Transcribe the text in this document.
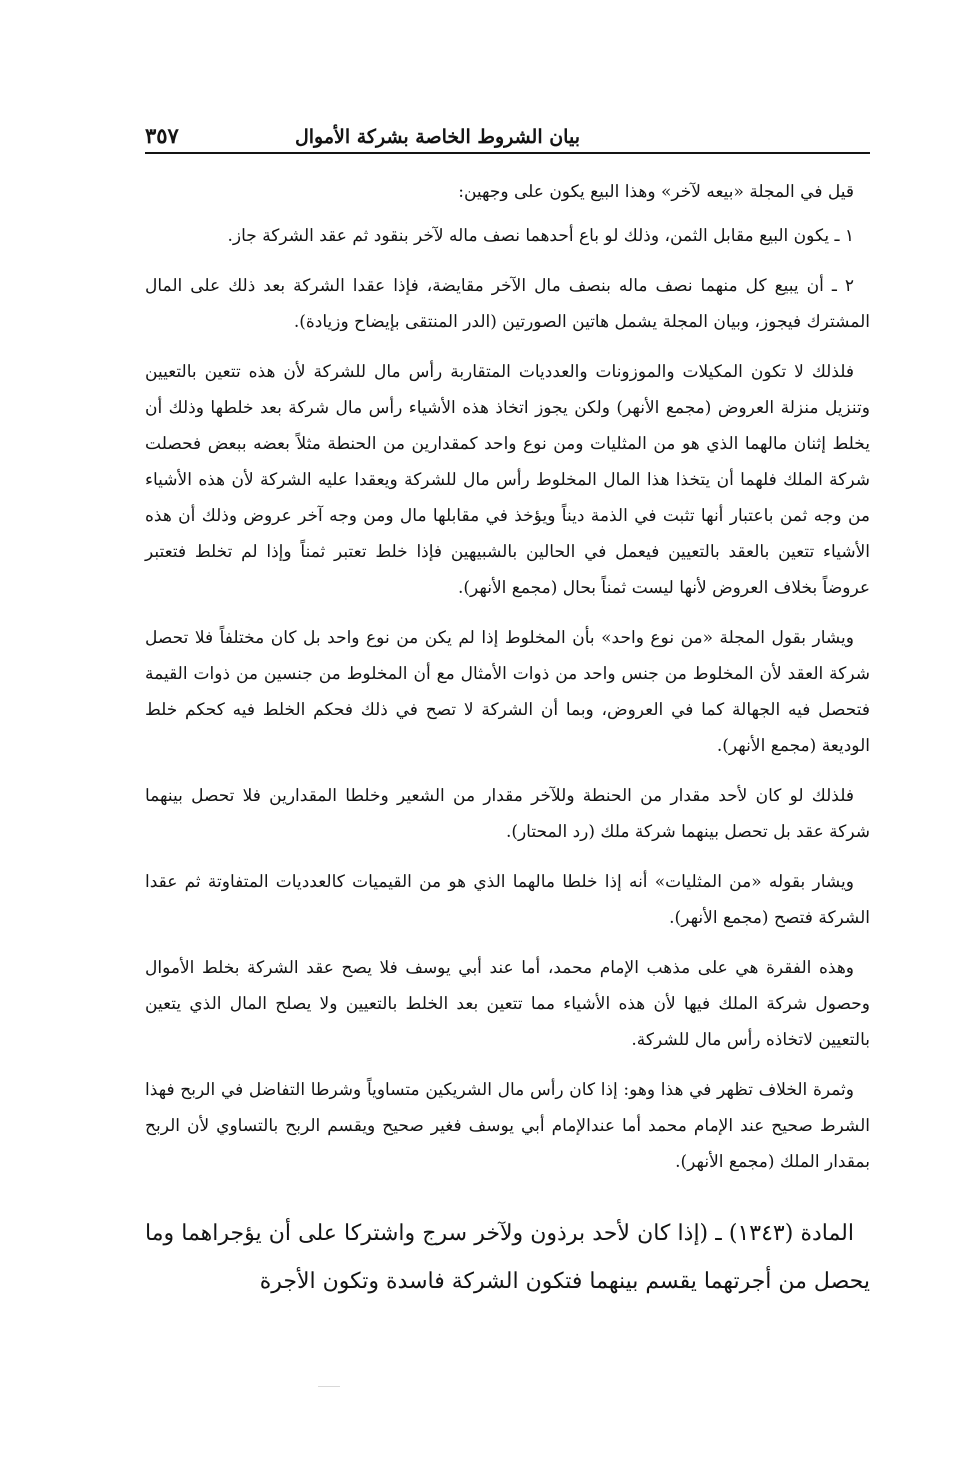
بيان الشروط الخاصة بشركة الأموال
٣٥٧

قيل في المجلة «بيعه لآخر» وهذا البيع يكون على وجهين:

١ ـ يكون البيع مقابل الثمن، وذلك لو باع أحدهما نصف ماله لآخر بنقود ثم عقد الشركة جاز.

٢ ـ أن يبيع كل منهما نصف ماله بنصف مال الآخر مقايضة، فإذا عقدا الشركة بعد ذلك على المال المشترك فيجوز، وبيان المجلة يشمل هاتين الصورتين (الدر المنتقى بإيضاح وزيادة).

فلذلك لا تكون المكيلات والموزونات والعدديات المتقاربة رأس مال للشركة لأن هذه تتعين بالتعيين وتنزيل منزلة العروض (مجمع الأنهر) ولكن يجوز اتخاذ هذه الأشياء رأس مال شركة بعد خلطها وذلك أن يخلط إثنان مالهما الذي هو من المثليات ومن نوع واحد كمقدارين من الحنطة مثلاً بعضه ببعض فحصلت شركة الملك فلهما أن يتخذا هذا المال المخلوط رأس مال للشركة ويعقدا عليه الشركة لأن هذه الأشياء من وجه ثمن باعتبار أنها تثبت في الذمة ديناً ويؤخذ في مقابلها مال ومن وجه آخر عروض وذلك أن هذه الأشياء تتعين بالعقد بالتعيين فيعمل في الحالين بالشبيهين فإذا خلط تعتبر ثمناً وإذا لم تخلط فتعتبر عروضاً بخلاف العروض لأنها ليست ثمناً بحال (مجمع الأنهر).

ويشار بقول المجلة «من نوع واحد» بأن المخلوط إذا لم يكن من نوع واحد بل كان مختلفاً فلا تحصل شركة العقد لأن المخلوط من جنس واحد من ذوات الأمثال مع أن المخلوط من جنسين من ذوات القيمة فتحصل فيه الجهالة كما في العروض، وبما أن الشركة لا تصح في ذلك فحكم الخلط فيه كحكم خلط الوديعة (مجمع الأنهر).

فلذلك لو كان لأحد مقدار من الحنطة وللآخر مقدار من الشعير وخلطا المقدارين فلا تحصل بينهما شركة عقد بل تحصل بينهما شركة ملك (رد المحتار).

ويشار بقوله «من المثليات» أنه إذا خلطا مالهما الذي هو من القيميات كالعدديات المتفاوتة ثم عقدا الشركة فتصح (مجمع الأنهر).

وهذه الفقرة هي على مذهب الإمام محمد، أما عند أبي يوسف فلا يصح عقد الشركة بخلط الأموال وحصول شركة الملك فيها لأن هذه الأشياء مما تتعين بعد الخلط بالتعيين ولا يصلح المال الذي يتعين بالتعيين لاتخاذه رأس مال للشركة.

وثمرة الخلاف تظهر في هذا وهو: إذا كان رأس مال الشريكين متساوياً وشرطا التفاضل في الربح فهذا الشرط صحيح عند الإمام محمد أما عندالإمام أبي يوسف فغير صحيح ويقسم الربح بالتساوي لأن الربح بمقدار الملك (مجمع الأنهر).

المادة (١٣٤٣) ـ (إذا كان لأحد برذون ولآخر سرج واشتركا على أن يؤجراهما وما يحصل من أجرتهما يقسم بينهما فتكون الشركة فاسدة وتكون الأجرة
